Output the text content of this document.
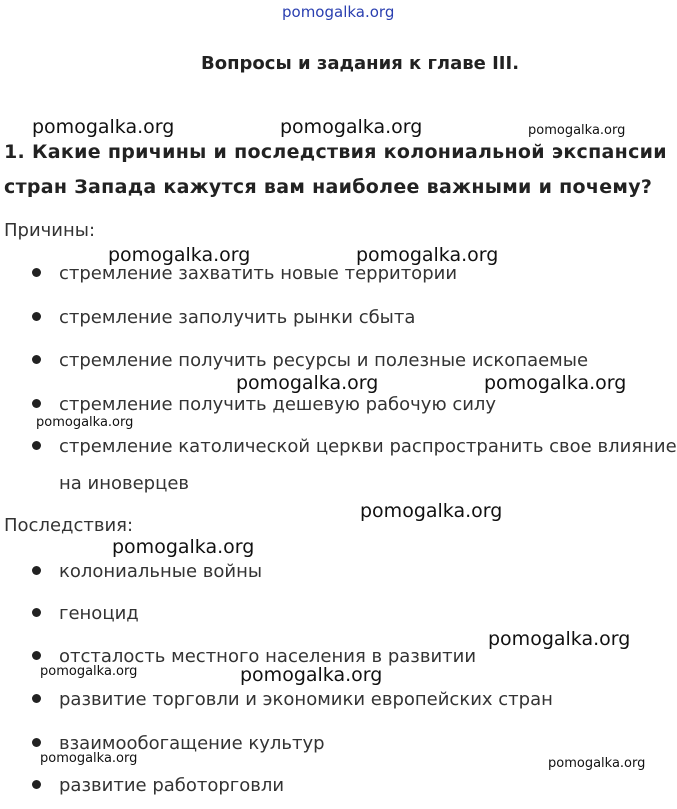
pomogalka.org
pomogalka.org	pomogalka.org	pomogalka.org
pomogalka.org	pomogalka.org
pomogalka.org	pomogalka.org
pomogalka.org
pomogalka.org
pomogalka.org
pomogalka.org
pomogalka.org	pomogalka.org
pomogalka.org	pomogalka.org
Вопросы и задания к главе III.
1. Какие причины и последствия колониальной экспансии
стран Запада кажутся вам наиболее важными и почему?
Причины:
стремление захватить новые территории
стремление заполучить рынки сбыта
стремление получить ресурсы и полезные ископаемые
стремление получить дешевую рабочую силу
стремление католической церкви распространить свое влияние
на иноверцев
Последствия:
колониальные войны
геноцид
отсталость местного населения в развитии
развитие торговли и экономики европейских стран
взаимообогащение культур
развитие работорговли
